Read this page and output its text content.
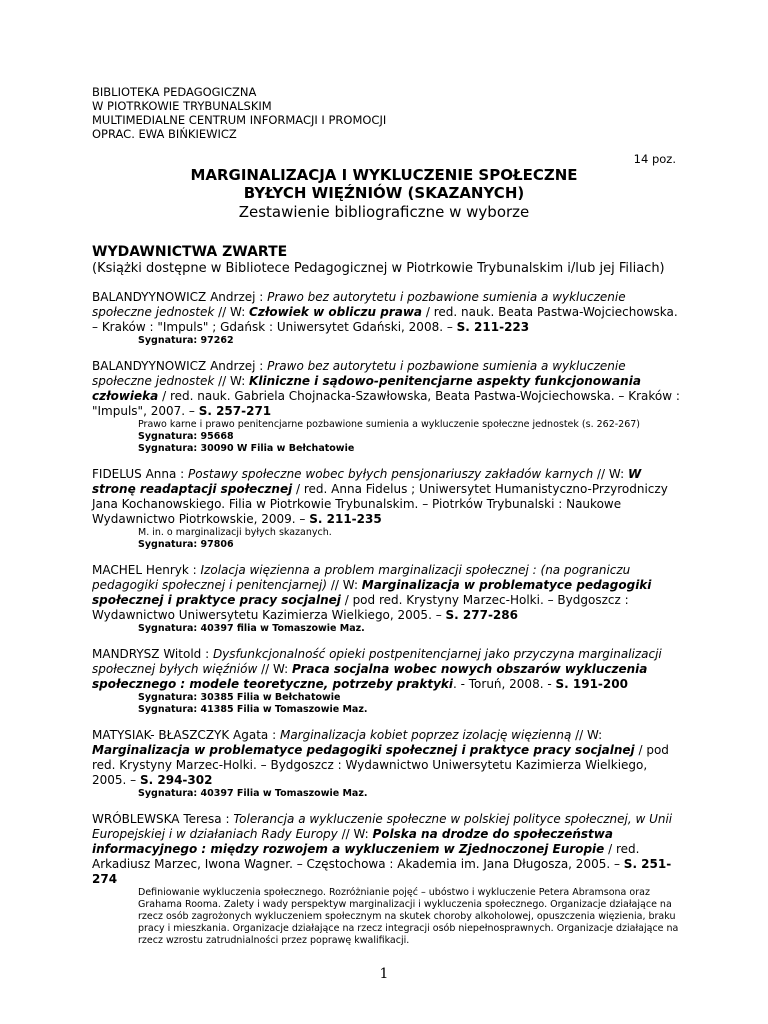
BIBLIOTEKA PEDAGOGICZNA
W PIOTRKOWIE TRYBUNALSKIM
MULTIMEDIALNE CENTRUM INFORMACJI I PROMOCJI
OPRAC. EWA BIŃKIEWICZ
14 poz.
MARGINALIZACJA I WYKLUCZENIE SPOŁECZNE
BYŁYCH WIĘŹNIÓW (SKAZANYCH)
Zestawienie bibliograficzne w wyborze
WYDAWNICTWA ZWARTE
(Książki dostępne w Bibliotece Pedagogicznej w Piotrkowie Trybunalskim i/lub jej Filiach)
BALANDYYNOWICZ Andrzej : Prawo bez autorytetu i pozbawione sumienia a wykluczenie społeczne jednostek // W: Człowiek w obliczu prawa / red. nauk. Beata Pastwa-Wojciechowska. – Kraków : "Impuls" ; Gdańsk : Uniwersytet Gdański, 2008. – S. 211-223
Sygnatura: 97262
BALANDYYNOWICZ Andrzej : Prawo bez autorytetu i pozbawione sumienia a wykluczenie społeczne jednostek // W: Kliniczne i sądowo-penitencjarne aspekty funkcjonowania człowieka / red. nauk. Gabriela Chojnacka-Szawłowska, Beata Pastwa-Wojciechowska. – Kraków : "Impuls", 2007. – S. 257-271
Prawo karne i prawo penitencjarne pozbawione sumienia a wykluczenie społeczne jednostek (s. 262-267)
Sygnatura: 95668
Sygnatura: 30090 W Filia w Bełchatowie
FIDELUS Anna : Postawy społeczne wobec byłych pensjonariuszy zakładów karnych // W: W stronę readaptacji społecznej / red. Anna Fidelus ; Uniwersytet Humanistyczno-Przyrodniczy Jana Kochanowskiego. Filia w Piotrkowie Trybunalskim. – Piotrków Trybunalski : Naukowe Wydawnictwo Piotrkowskie, 2009. – S. 211-235
M. in. o marginalizacji byłych skazanych.
Sygnatura: 97806
MACHEL Henryk : Izolacja więzienna a problem marginalizacji społecznej : (na pograniczu pedagogiki społecznej i penitencjarnej) // W: Marginalizacja w problematyce pedagogiki społecznej i praktyce pracy socjalnej / pod red. Krystyny Marzec-Holki. – Bydgoszcz : Wydawnictwo Uniwersytetu Kazimierza Wielkiego, 2005. – S. 277-286
Sygnatura: 40397 filia w Tomaszowie Maz.
MANDRYSZ Witold : Dysfunkcjonalność opieki postpenitencjarnej jako przyczyna marginalizacji społecznej byłych więźniów // W: Praca socjalna wobec nowych obszarów wykluczenia społecznego : modele teoretyczne, potrzeby praktyki. - Toruń, 2008. - S. 191-200
Sygnatura: 30385 Filia w Bełchatowie
Sygnatura: 41385 Filia w Tomaszowie Maz.
MATYSIAK- BŁASZCZYK Agata : Marginalizacja kobiet poprzez izolację więzienną // W: Marginalizacja w problematyce pedagogiki społecznej i praktyce pracy socjalnej / pod red. Krystyny Marzec-Holki. – Bydgoszcz : Wydawnictwo Uniwersytetu Kazimierza Wielkiego, 2005. – S. 294-302
Sygnatura: 40397 Filia w Tomaszowie Maz.
WRÓBLEWSKA Teresa : Tolerancja a wykluczenie społeczne w polskiej polityce społecznej, w Unii Europejskiej i w działaniach Rady Europy // W: Polska na drodze do społeczeństwa informacyjnego : między rozwojem a wykluczeniem w Zjednoczonej Europie / red. Arkadiusz Marzec, Iwona Wagner. – Częstochowa : Akademia im. Jana Długosza, 2005. – S. 251-274
Definiowanie wykluczenia społecznego. Rozróżnianie pojęć – ubóstwo i wykluczenie Petera Abramsona oraz Grahama Rooma. Zalety i wady perspektyw marginalizacji i wykluczenia społecznego. Organizacje działające na rzecz osób zagrożonych wykluczeniem społecznym na skutek choroby alkoholowej, opuszczenia więzienia, braku pracy i mieszkania. Organizacje działające na rzecz integracji osób niepełnosprawnych. Organizacje działające na rzecz wzrostu zatrudnialności przez poprawę kwalifikacji.
1
